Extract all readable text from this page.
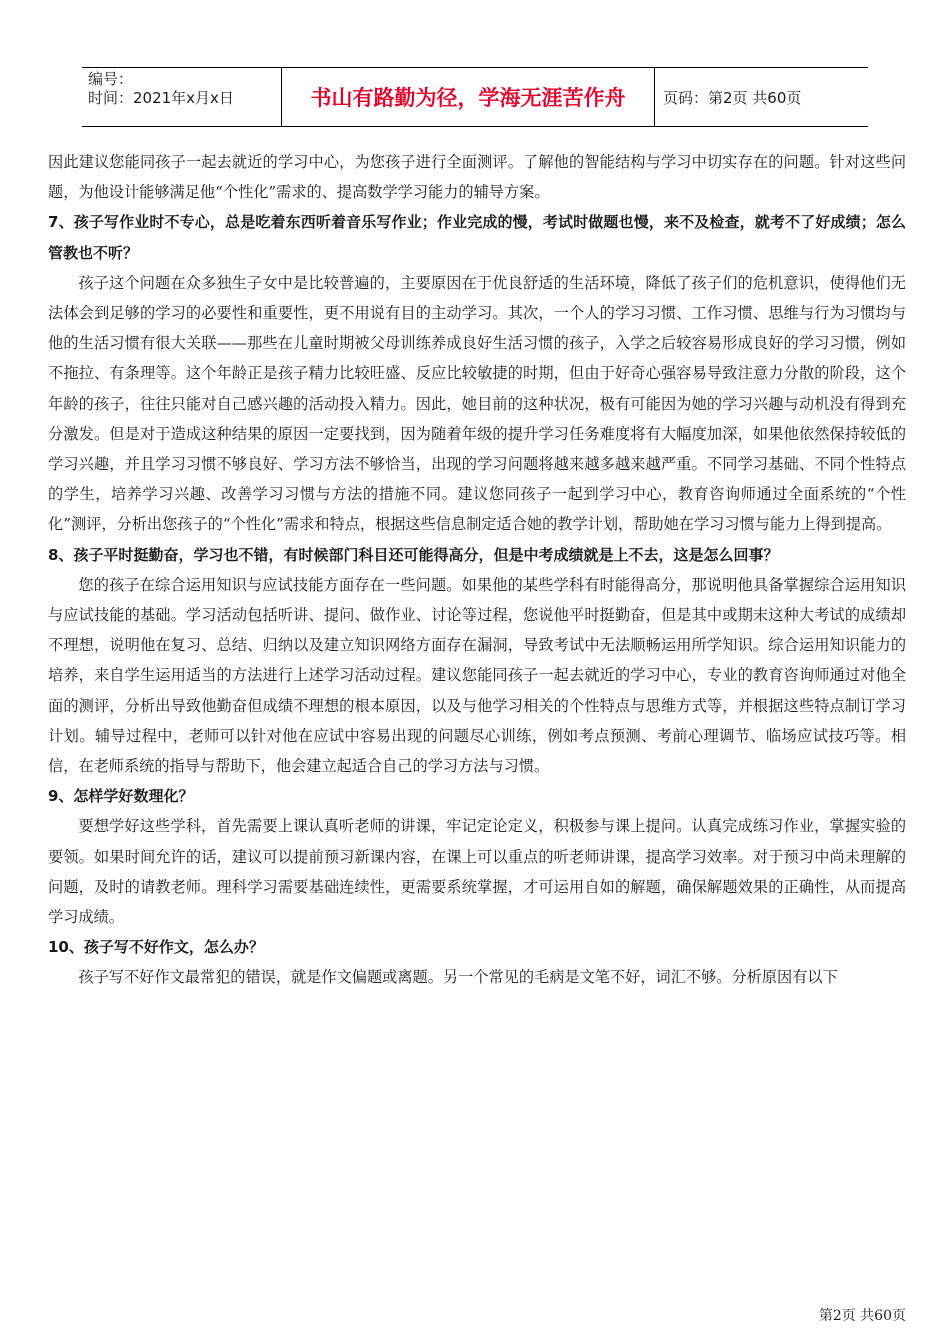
编号：
时间：2021年x月x日	书山有路勤为径，学海无涯苦作舟	页码：第2页 共60页

因此建议您能同孩子一起去就近的学习中心，为您孩子进行全面测评。了解他的智能结构与学习中切实存在的问题。针对这些问题，为他设计能够满足他“个性化”需求的、提高数学学习能力的辅导方案。

7、孩子写作业时不专心，总是吃着东西听着音乐写作业；作业完成的慢，考试时做题也慢，来不及检查，就考不了好成绩；怎么管教也不听？

孩子这个问题在众多独生子女中是比较普遍的，主要原因在于优良舒适的生活环境，降低了孩子们的危机意识，使得他们无法体会到足够的学习的必要性和重要性，更不用说有目的主动学习。其次，一个人的学习习惯、工作习惯、思维与行为习惯均与他的生活习惯有很大关联——那些在儿童时期被父母训练养成良好生活习惯的孩子，入学之后较容易形成良好的学习习惯，例如不拖拉、有条理等。这个年龄正是孩子精力比较旺盛、反应比较敏捷的时期，但由于好奇心强容易导致注意力分散的阶段，这个年龄的孩子，往往只能对自己感兴趣的活动投入精力。因此，她目前的这种状况，极有可能因为她的学习兴趣与动机没有得到充分激发。但是对于造成这种结果的原因一定要找到，因为随着年级的提升学习任务难度将有大幅度加深，如果他依然保持较低的学习兴趣，并且学习习惯不够良好、学习方法不够恰当，出现的学习问题将越来越多越来越严重。不同学习基础、不同个性特点的学生，培养学习兴趣、改善学习习惯与方法的措施不同。建议您同孩子一起到学习中心，教育咨询师通过全面系统的“个性化”测评，分析出您孩子的“个性化”需求和特点，根据这些信息制定适合她的教学计划，帮助她在学习习惯与能力上得到提高。

8、孩子平时挺勤奋，学习也不错，有时候部门科目还可能得高分，但是中考成绩就是上不去，这是怎么回事？

您的孩子在综合运用知识与应试技能方面存在一些问题。如果他的某些学科有时能得高分，那说明他具备掌握综合运用知识与应试技能的基础。学习活动包括听讲、提问、做作业、讨论等过程，您说他平时挺勤奋，但是其中或期末这种大考试的成绩却不理想，说明他在复习、总结、归纳以及建立知识网络方面存在漏洞，导致考试中无法顺畅运用所学知识。综合运用知识能力的培养，来自学生运用适当的方法进行上述学习活动过程。建议您能同孩子一起去就近的学习中心，专业的教育咨询师通过对他全面的测评，分析出导致他勤奋但成绩不理想的根本原因，以及与他学习相关的个性特点与思维方式等，并根据这些特点制订学习计划。辅导过程中，老师可以针对他在应试中容易出现的问题尽心训练，例如考点预测、考前心理调节、临场应试技巧等。相信，在老师系统的指导与帮助下，他会建立起适合自己的学习方法与习惯。

9、怎样学好数理化？

要想学好这些学科，首先需要上课认真听老师的讲课，牢记定论定义，积极参与课上提问。认真完成练习作业，掌握实验的要领。如果时间允许的话，建议可以提前预习新课内容，在课上可以重点的听老师讲课，提高学习效率。对于预习中尚未理解的问题，及时的请教老师。理科学习需要基础连续性，更需要系统掌握，才可运用自如的解题，确保解题效果的正确性，从而提高学习成绩。

10、孩子写不好作文，怎么办？

孩子写不好作文最常犯的错误，就是作文偏题或离题。另一个常见的毛病是文笔不好，词汇不够。分析原因有以下

第2页 共60页
